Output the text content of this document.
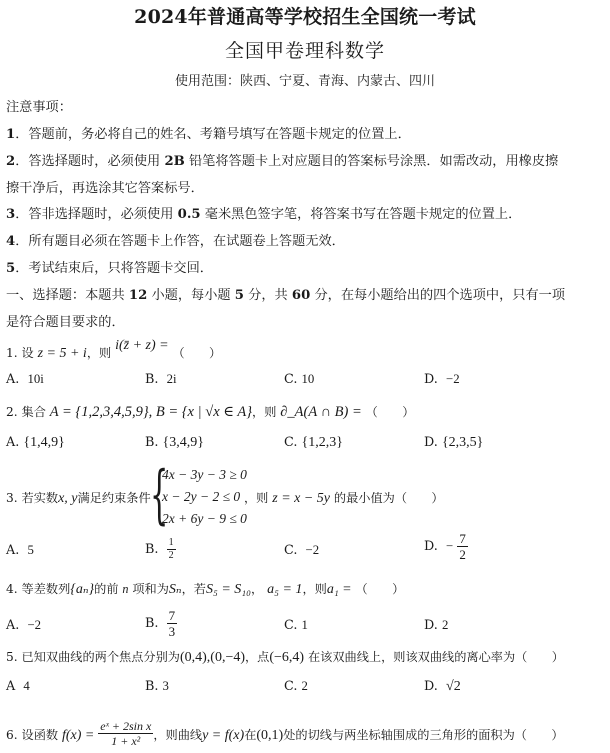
2024年普通高等学校招生全国统一考试
全国甲卷理科数学
使用范围：陕西、宁夏、青海、内蒙古、四川
注意事项：
1．答题前，务必将自己的姓名、考籍号填写在答题卡规定的位置上．
2．答选择题时，必须使用 2B 铅笔将答题卡上对应题目的答案标号涂黑．如需改动，用橡皮擦
擦干净后，再选涂其它答案标号．
3．答非选择题时，必须使用 0.5 毫米黑色签字笔，将答案书写在答题卡规定的位置上．
4．所有题目必须在答题卡上作答，在试题卷上答题无效．
5．考试结束后，只将答题卡交回．
一、选择题：本题共 12 小题，每小题 5 分，共 60 分，在每小题给出的四个选项中，只有一项
是符合题目要求的．
1. 设 z = 5 + i，则 i(z̄ + z) = （　　）
A.  10i	B.  2i	C. 10	D.  −2
2. 集合 A = {1,2,3,4,5,9}, B = {x | √x ∈ A}，则 ∂_A(A ∩ B) = （　　）
A. {1,4,9}	B. {3,4,9}	C. {1,2,3}	D. {2,3,5}
3. 若实数x, y满足约束条件 {
4x − 3y − 3 ≥ 0
x − 2y − 2 ≤ 0
2x + 6y − 9 ≤ 0
，则 z = x − 5y 的最小值为（　　）
A.  5	B. $\frac{1}{2}$	C.  −2	D.  − $\frac{7}{2}$
4. 等差数列{aₙ}的前 n 项和为Sₙ，若S₅ = S₁₀， a₅ = 1，则a₁ = （　　）
A.  −2	B. $\frac{7}{3}$	C. 1	D. 2
5. 已知双曲线的两个焦点分别为(0,4),(0,−4)，点(−6,4) 在该双曲线上，则该双曲线的离心率为（　　）
A  4	B. 3	C. 2	D.  √2
6. 设函数 $f(x) = \frac{\text{eˣ + 2sin x}}{\text{1 + x²}}$ ，则曲线y = f(x)在(0,1)处的切线与两坐标轴围成的三角形的面积为（　　）
